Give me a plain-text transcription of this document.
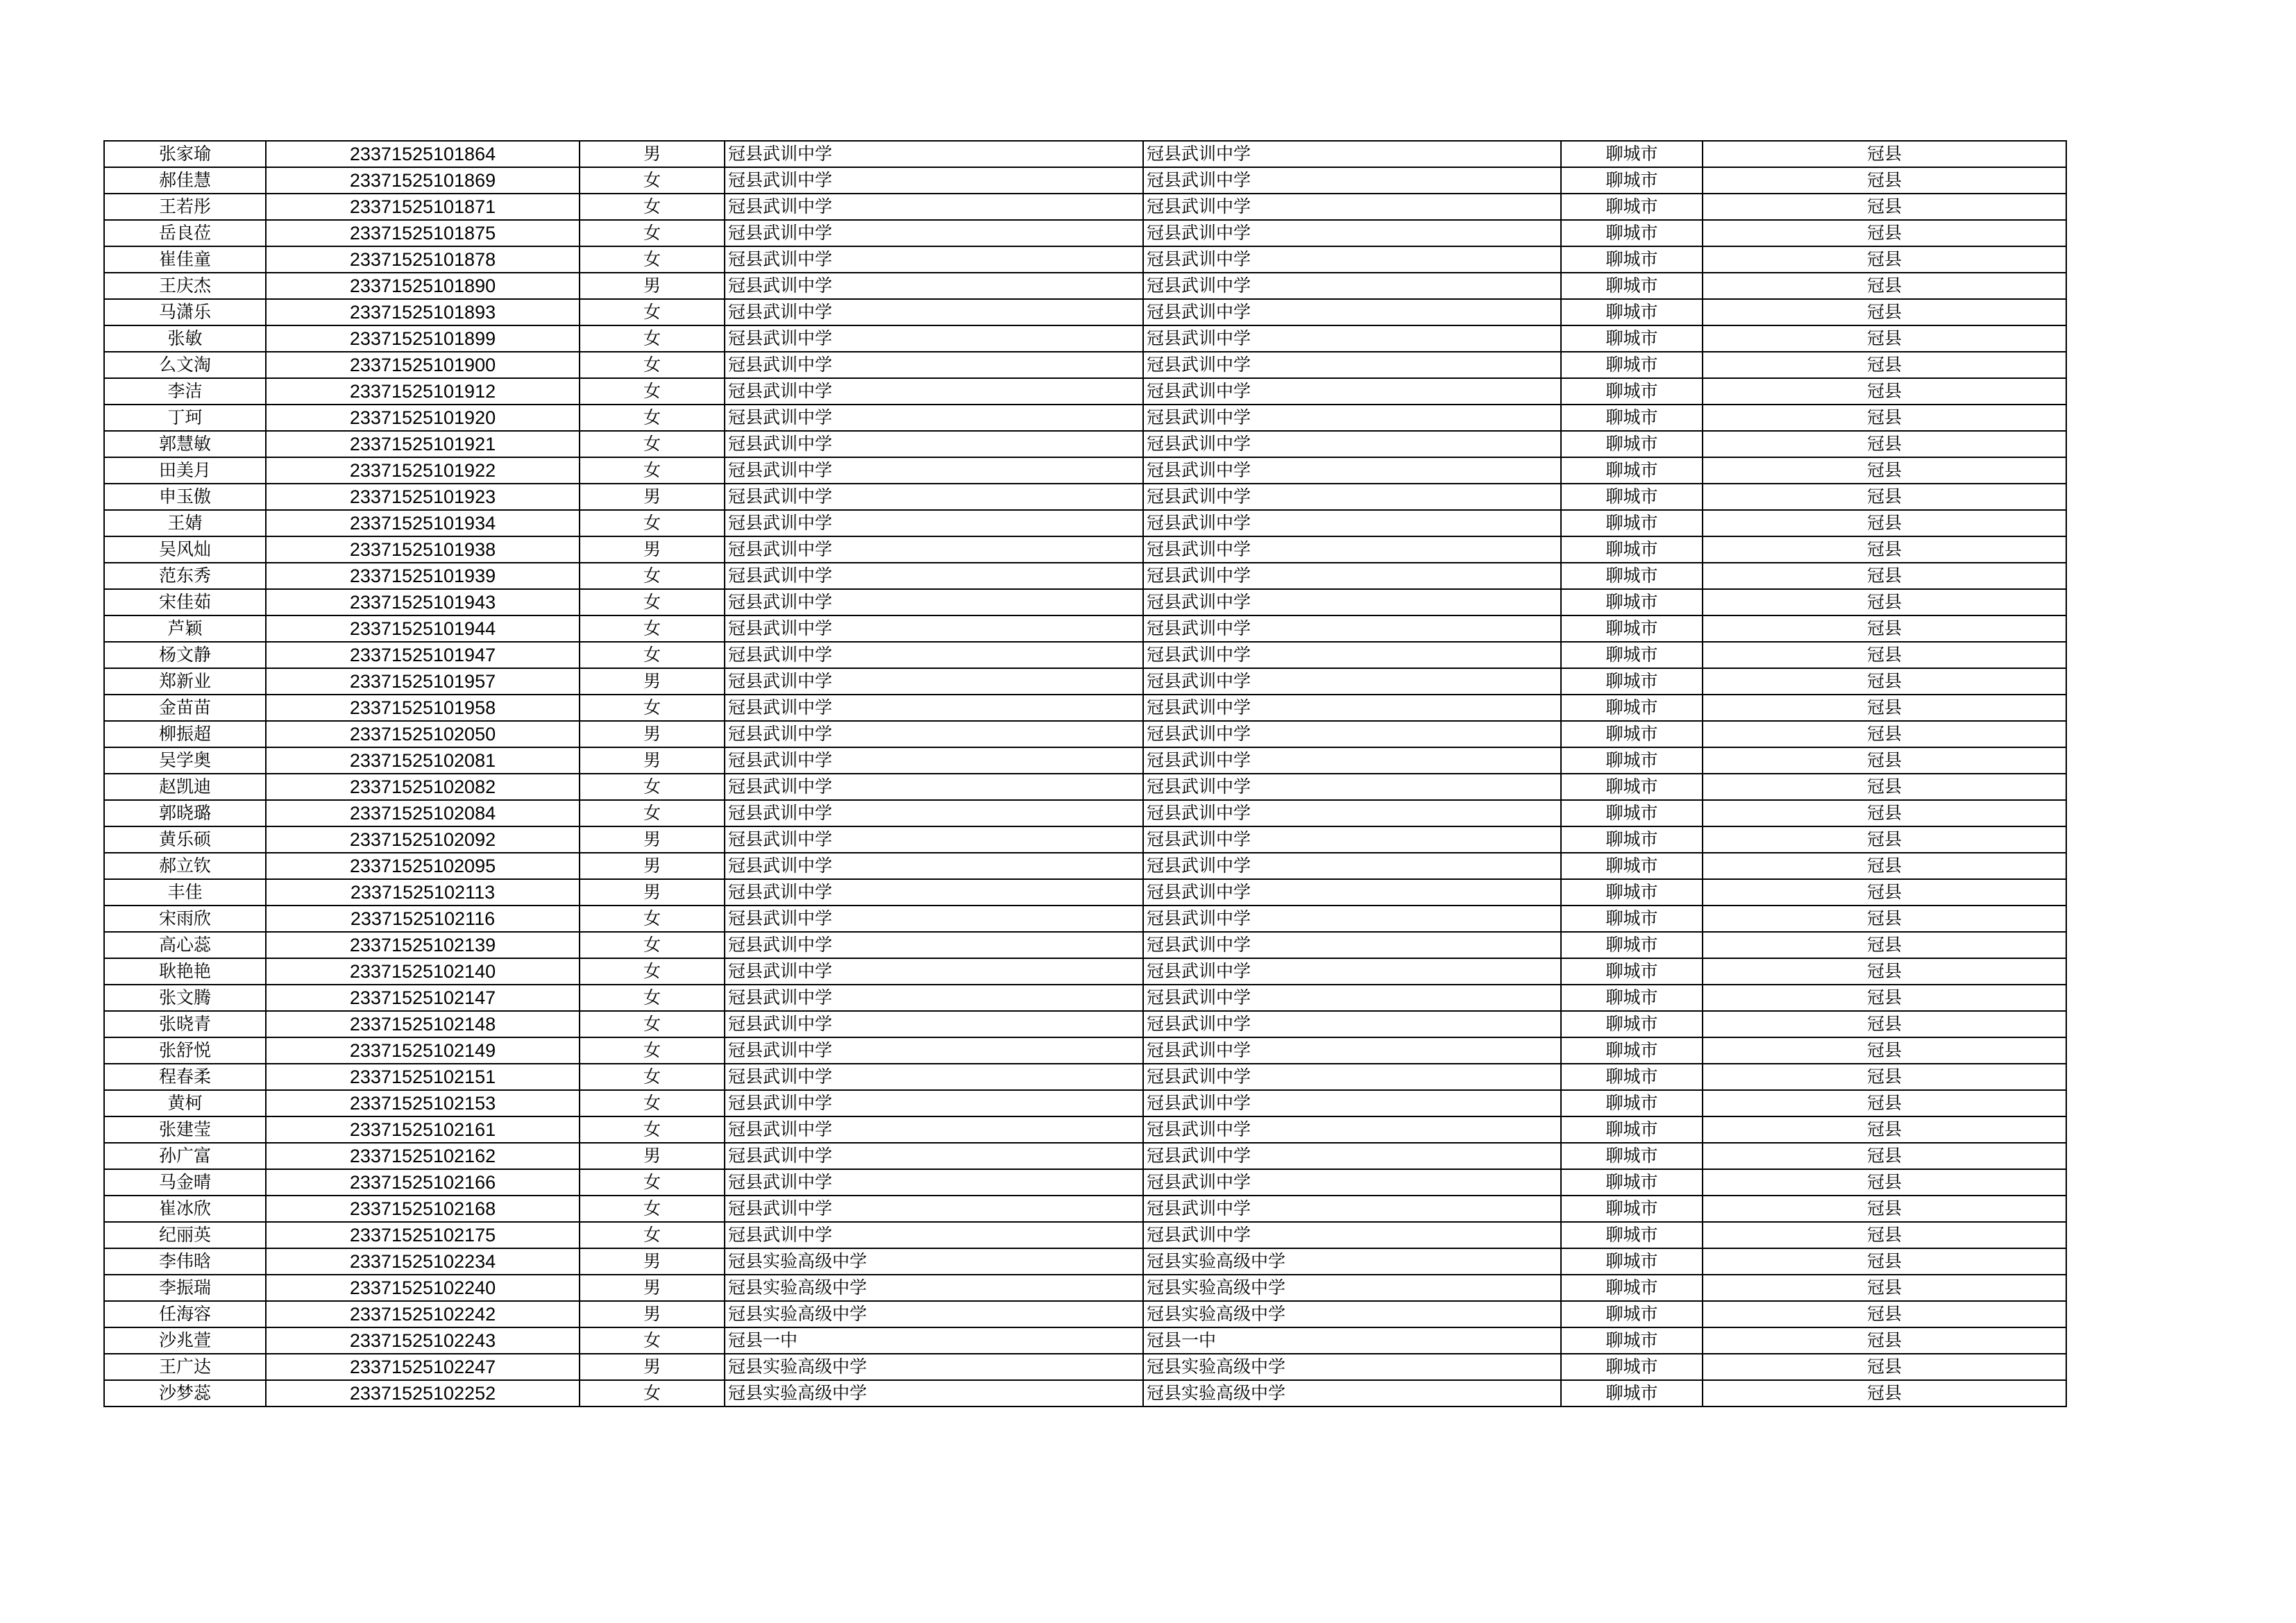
张家瑜	23371525101864	男	冠县武训中学	冠县武训中学	聊城市	冠县
郝佳慧	23371525101869	女	冠县武训中学	冠县武训中学	聊城市	冠县
王若彤	23371525101871	女	冠县武训中学	冠县武训中学	聊城市	冠县
岳良莅	23371525101875	女	冠县武训中学	冠县武训中学	聊城市	冠县
崔佳童	23371525101878	女	冠县武训中学	冠县武训中学	聊城市	冠县
王庆杰	23371525101890	男	冠县武训中学	冠县武训中学	聊城市	冠县
马潇乐	23371525101893	女	冠县武训中学	冠县武训中学	聊城市	冠县
张敏	23371525101899	女	冠县武训中学	冠县武训中学	聊城市	冠县
么文淘	23371525101900	女	冠县武训中学	冠县武训中学	聊城市	冠县
李洁	23371525101912	女	冠县武训中学	冠县武训中学	聊城市	冠县
丁珂	23371525101920	女	冠县武训中学	冠县武训中学	聊城市	冠县
郭慧敏	23371525101921	女	冠县武训中学	冠县武训中学	聊城市	冠县
田美月	23371525101922	女	冠县武训中学	冠县武训中学	聊城市	冠县
申玉傲	23371525101923	男	冠县武训中学	冠县武训中学	聊城市	冠县
王婧	23371525101934	女	冠县武训中学	冠县武训中学	聊城市	冠县
吴风灿	23371525101938	男	冠县武训中学	冠县武训中学	聊城市	冠县
范东秀	23371525101939	女	冠县武训中学	冠县武训中学	聊城市	冠县
宋佳茹	23371525101943	女	冠县武训中学	冠县武训中学	聊城市	冠县
芦颖	23371525101944	女	冠县武训中学	冠县武训中学	聊城市	冠县
杨文静	23371525101947	女	冠县武训中学	冠县武训中学	聊城市	冠县
郑新业	23371525101957	男	冠县武训中学	冠县武训中学	聊城市	冠县
金苗苗	23371525101958	女	冠县武训中学	冠县武训中学	聊城市	冠县
柳振超	23371525102050	男	冠县武训中学	冠县武训中学	聊城市	冠县
吴学奥	23371525102081	男	冠县武训中学	冠县武训中学	聊城市	冠县
赵凯迪	23371525102082	女	冠县武训中学	冠县武训中学	聊城市	冠县
郭晓璐	23371525102084	女	冠县武训中学	冠县武训中学	聊城市	冠县
黄乐硕	23371525102092	男	冠县武训中学	冠县武训中学	聊城市	冠县
郝立钦	23371525102095	男	冠县武训中学	冠县武训中学	聊城市	冠县
丰佳	23371525102113	男	冠县武训中学	冠县武训中学	聊城市	冠县
宋雨欣	23371525102116	女	冠县武训中学	冠县武训中学	聊城市	冠县
高心蕊	23371525102139	女	冠县武训中学	冠县武训中学	聊城市	冠县
耿艳艳	23371525102140	女	冠县武训中学	冠县武训中学	聊城市	冠县
张文腾	23371525102147	女	冠县武训中学	冠县武训中学	聊城市	冠县
张晓青	23371525102148	女	冠县武训中学	冠县武训中学	聊城市	冠县
张舒悦	23371525102149	女	冠县武训中学	冠县武训中学	聊城市	冠县
程春柔	23371525102151	女	冠县武训中学	冠县武训中学	聊城市	冠县
黄柯	23371525102153	女	冠县武训中学	冠县武训中学	聊城市	冠县
张建莹	23371525102161	女	冠县武训中学	冠县武训中学	聊城市	冠县
孙广富	23371525102162	男	冠县武训中学	冠县武训中学	聊城市	冠县
马金晴	23371525102166	女	冠县武训中学	冠县武训中学	聊城市	冠县
崔冰欣	23371525102168	女	冠县武训中学	冠县武训中学	聊城市	冠县
纪丽英	23371525102175	女	冠县武训中学	冠县武训中学	聊城市	冠县
李伟晗	23371525102234	男	冠县实验高级中学	冠县实验高级中学	聊城市	冠县
李振瑞	23371525102240	男	冠县实验高级中学	冠县实验高级中学	聊城市	冠县
任海容	23371525102242	男	冠县实验高级中学	冠县实验高级中学	聊城市	冠县
沙兆萱	23371525102243	女	冠县一中	冠县一中	聊城市	冠县
王广达	23371525102247	男	冠县实验高级中学	冠县实验高级中学	聊城市	冠县
沙梦蕊	23371525102252	女	冠县实验高级中学	冠县实验高级中学	聊城市	冠县
